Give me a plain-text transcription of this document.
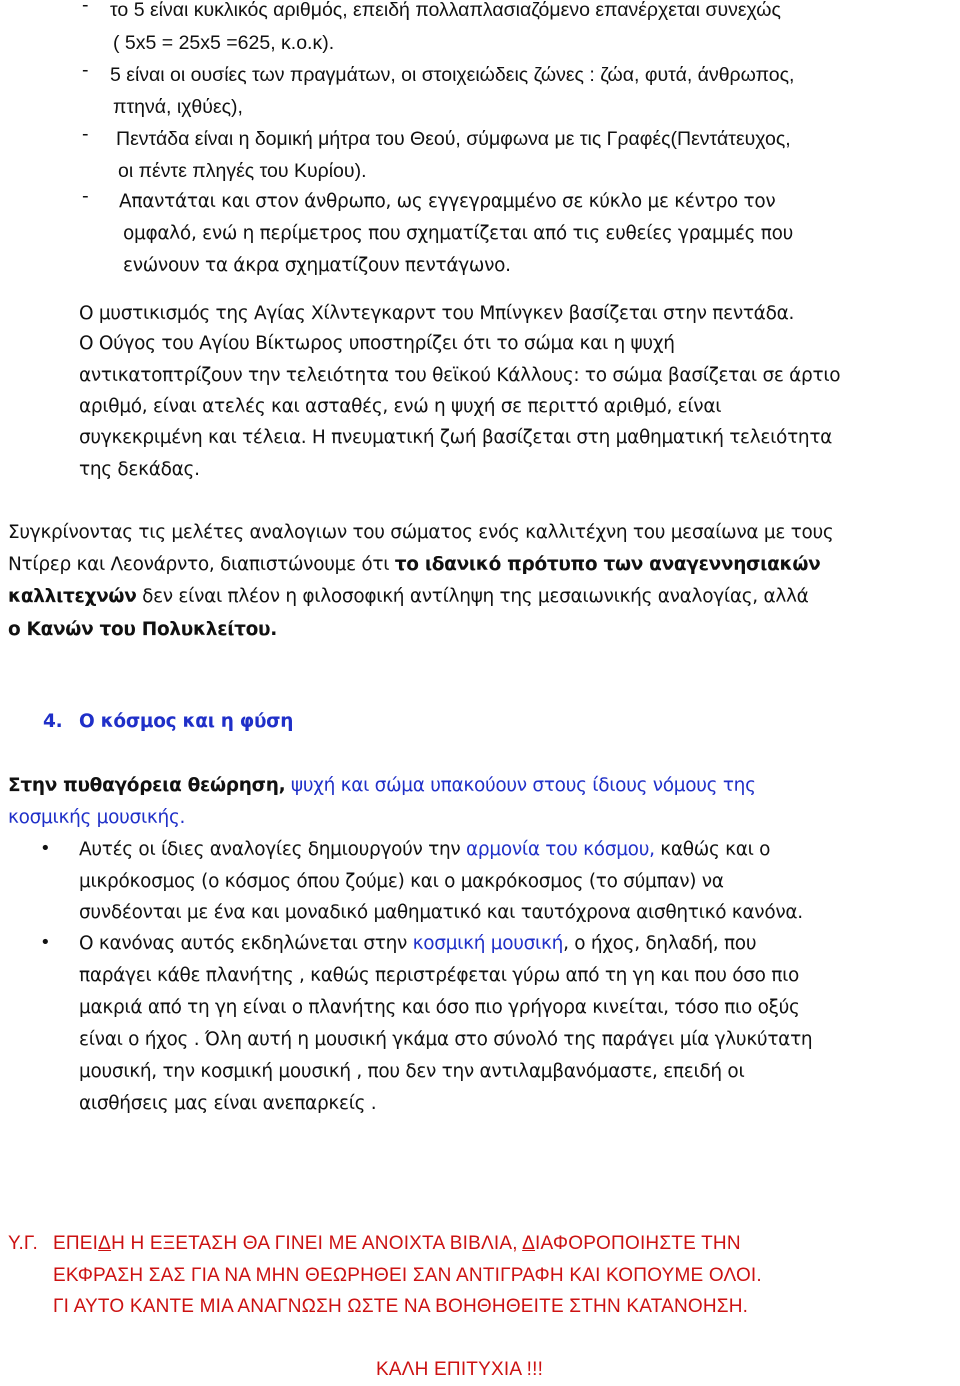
- το 5 είναι κυκλικός αριθμός, επειδή πολλαπλασιαζόμενο επανέρχεται συνεχώς
( 5x5 = 25x5 =625, κ.ο.κ).
- 5 είναι οι ουσίες των πραγμάτων, οι στοιχειώδεις ζώνες : ζώα, φυτά, άνθρωπος,
πτηνά, ιχθύες),
- Πεντάδα είναι η δομική μήτρα του Θεού, σύμφωνα με τις Γραφές(Πεντάτευχος,
οι πέντε πληγές του Κυρίου).
- Απαντάται και στον άνθρωπο, ως εγγεγραμμένο σε κύκλο με κέντρο τον
ομφαλό, ενώ η περίμετρος που σχηματίζεται από τις ευθείες γραμμές που
ενώνουν τα άκρα σχηματίζουν πεντάγωνο.
Ο μυστικισμός της Αγίας Χίλντεγκαρντ του Μπίνγκεν βασίζεται στην πεντάδα.
Ο Ούγος του Αγίου Βίκτωρος υποστηρίζει ότι το σώμα και η ψυχή
αντικατοπτρίζουν την τελειότητα του θεϊκού Κάλλους: το σώμα βασίζεται σε άρτιο
αριθμό, είναι ατελές και ασταθές, ενώ η ψυχή σε περιττό αριθμό, είναι
συγκεκριμένη και τέλεια. Η πνευματική ζωή βασίζεται στη μαθηματική τελειότητα
της δεκάδας.
Συγκρίνοντας τις μελέτες αναλογιων του σώματος ενός καλλιτέχνη του μεσαίωνα με τους
Ντίρερ και Λεονάρντο, διαπιστώνουμε ότι το ιδανικό πρότυπο των αναγεννησιακών
καλλιτεχνών δεν είναι πλέον η φιλοσοφική αντίληψη της μεσαιωνικής αναλογίας, αλλά
ο Κανών του Πολυκλείτου.
4. Ο κόσμος και η φύση
Στην πυθαγόρεια θεώρηση, ψυχή και σώμα υπακούουν στους ίδιους νόμους της
κοσμικής μουσικής.
• Αυτές οι ίδιες αναλογίες δημιουργούν την αρμονία του κόσμου, καθώς και ο
μικρόκοσμος (ο κόσμος όπου ζούμε) και ο μακρόκοσμος (το σύμπαν) να
συνδέονται με ένα και μοναδικό μαθηματικό και ταυτόχρονα αισθητικό κανόνα.
• Ο κανόνας αυτός εκδηλώνεται στην κοσμική μουσική, ο ήχος, δηλαδή, που
παράγει κάθε πλανήτης , καθώς περιστρέφεται γύρω από τη γη και που όσο πιο
μακριά από τη γη είναι ο πλανήτης και όσο πιο γρήγορα κινείται, τόσο πιο οξύς
είναι ο ήχος . Όλη αυτή η μουσική γκάμα στο σύνολό της παράγει μία γλυκύτατη
μουσική, την κοσμική μουσική , που δεν την αντιλαμβανόμαστε, επειδή οι
αισθήσεις μας είναι ανεπαρκείς .
Υ.Γ. ΕΠΕΙΔΗ Η ΕΞΕΤΑΣΗ ΘΑ ΓΙΝΕΙ ΜΕ ΑΝΟΙΧΤΑ ΒΙΒΛΙΑ, ΔΙΑΦΟΡΟΠΟΙΗΣΤΕ ΤΗΝ
ΕΚΦΡΑΣΗ ΣΑΣ ΓΙΑ ΝΑ ΜΗΝ ΘΕΩΡΗΘΕΙ ΣΑΝ ΑΝΤΙΓΡΑΦΗ ΚΑΙ ΚΟΠΟΥΜΕ ΟΛΟΙ.
ΓΙ ΑΥΤΟ ΚΑΝΤΕ ΜΙΑ ΑΝΑΓΝΩΣΗ ΩΣΤΕ ΝΑ ΒΟΗΘΗΘΕΙΤΕ ΣΤΗΝ ΚΑΤΑΝΟΗΣΗ.
ΚΑΛΗ ΕΠΙΤΥΧΙΑ !!!
